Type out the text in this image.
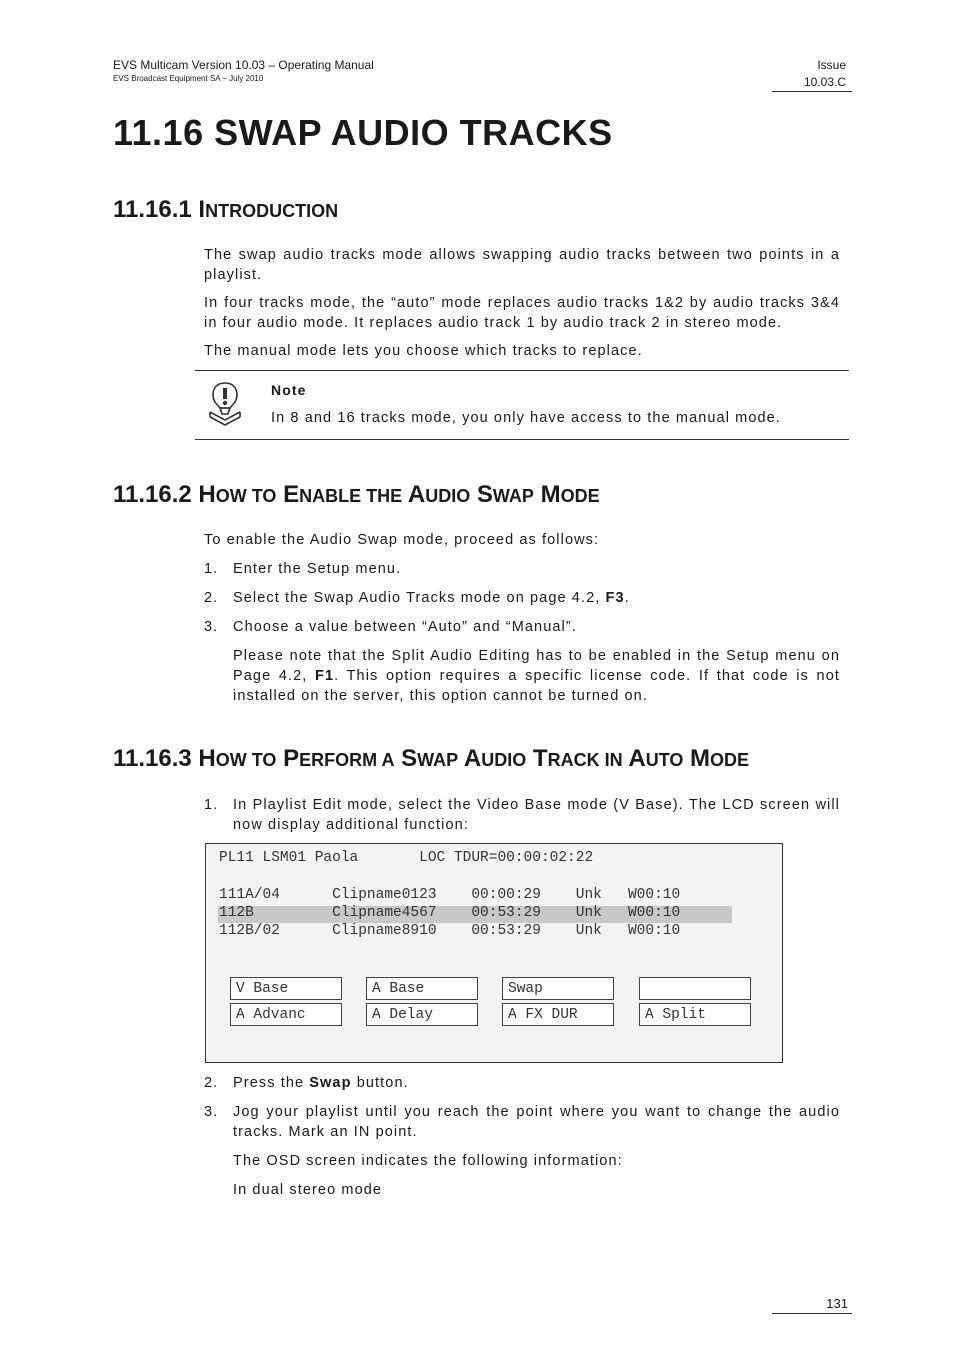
EVS Multicam Version 10.03 – Operating Manual
EVS Broadcast Equipment SA – July 2010
Issue
10.03.C
11.16 SWAP AUDIO TRACKS
11.16.1 INTRODUCTION
The swap audio tracks mode allows swapping audio tracks between two points in a playlist.
In four tracks mode, the “auto” mode replaces audio tracks 1&2 by audio tracks 3&4 in four audio mode. It replaces audio track 1 by audio track 2 in stereo mode.
The manual mode lets you choose which tracks to replace.
Note
In 8 and 16 tracks mode, you only have access to the manual mode.
11.16.2 HOW TO ENABLE THE AUDIO SWAP MODE
To enable the Audio Swap mode, proceed as follows:
1. Enter the Setup menu.
2. Select the Swap Audio Tracks mode on page 4.2, F3.
3. Choose a value between “Auto” and “Manual”.
Please note that the Split Audio Editing has to be enabled in the Setup menu on Page 4.2, F1. This option requires a specific license code. If that code is not installed on the server, this option cannot be turned on.
11.16.3 HOW TO PERFORM A SWAP AUDIO TRACK IN AUTO MODE
1. In Playlist Edit mode, select the Video Base mode (V Base). The LCD screen will now display additional function:
PL11 LSM01 Paola       LOC TDUR=00:00:02:22
111A/04      Clipname0123    00:00:29    Unk   W00:10
112B         Clipname4567    00:53:29    Unk   W00:10
112B/02      Clipname8910    00:53:29    Unk   W00:10
V Base	A Base	Swap
A Advanc	A Delay	A FX DUR	A Split
2. Press the Swap button.
3. Jog your playlist until you reach the point where you want to change the audio tracks. Mark an IN point.
The OSD screen indicates the following information:
In dual stereo mode
131
